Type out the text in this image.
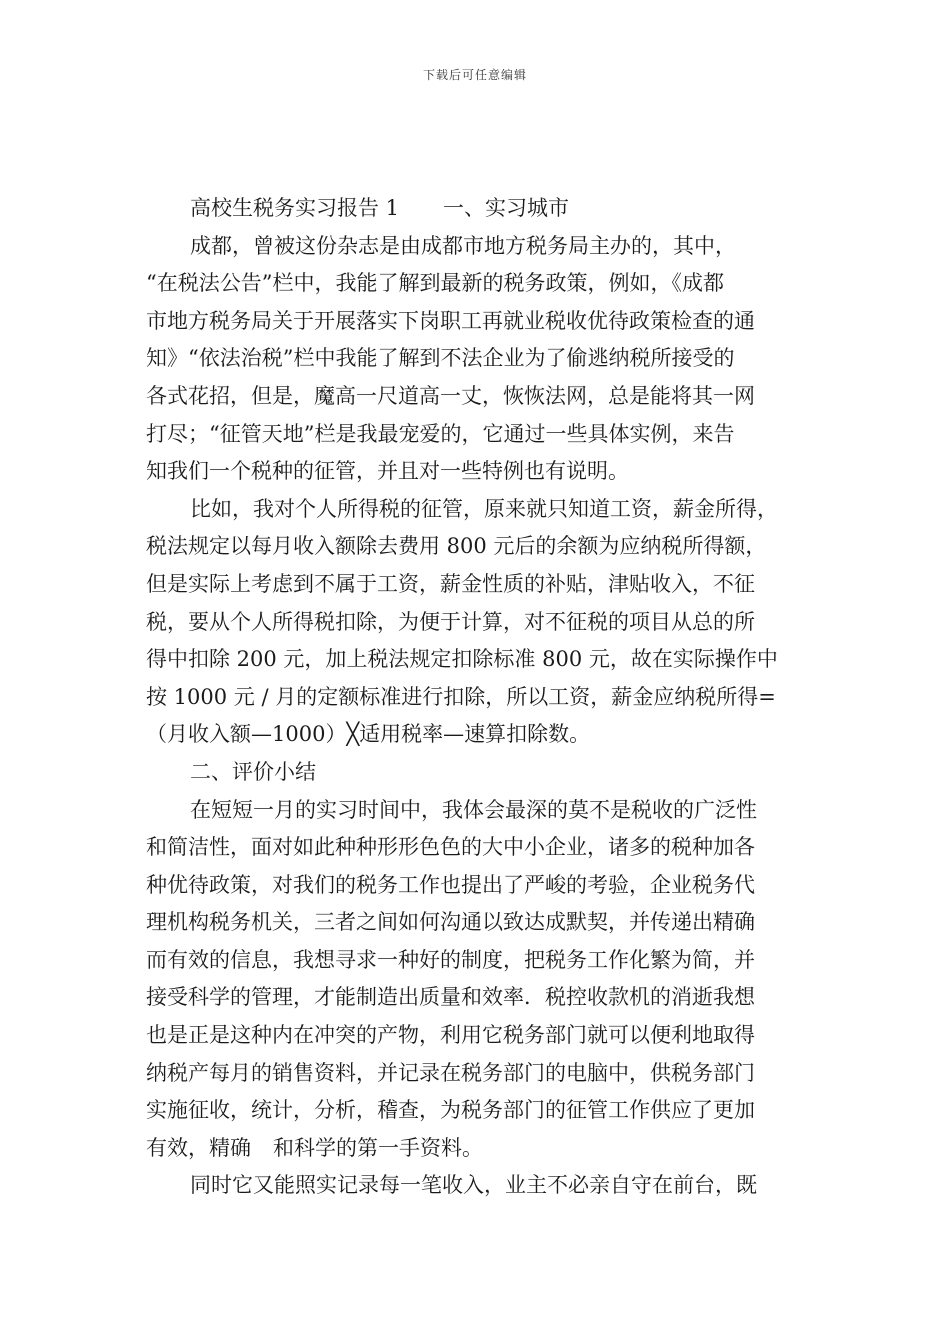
下载后可任意编辑
高校生税务实习报告 1 一、实习城市
成都，曾被这份杂志是由成都市地方税务局主办的，其中，
“在税法公告”栏中，我能了解到最新的税务政策，例如，《成都
市地方税务局关于开展落实下岗职工再就业税收优待政策检查的通
知》“依法治税”栏中我能了解到不法企业为了偷逃纳税所接受的
各式花招，但是，魔高一尺道高一丈，恢恢法网，总是能将其一网
打尽；“征管天地”栏是我最宠爱的，它通过一些具体实例，来告
知我们一个税种的征管，并且对一些特例也有说明。
比如，我对个人所得税的征管，原来就只知道工资，薪金所得，
税法规定以每月收入额除去费用 800 元后的余额为应纳税所得额，
但是实际上考虑到不属于工资，薪金性质的补贴，津贴收入，不征
税，要从个人所得税扣除，为便于计算，对不征税的项目从总的所
得中扣除 200 元，加上税法规定扣除标准 800 元，故在实际操作中
按 1000 元 / 月的定额标准进行扣除，所以工资，薪金应纳税所得=
（月收入额—1000）╳适用税率—速算扣除数。
二、评价小结
在短短一月的实习时间中，我体会最深的莫不是税收的广泛性
和简洁性，面对如此种种形形色色的大中小企业，诸多的税种加各
种优待政策，对我们的税务工作也提出了严峻的考验，企业税务代
理机构税务机关，三者之间如何沟通以致达成默契，并传递出精确
而有效的信息，我想寻求一种好的制度，把税务工作化繁为简，并
接受科学的管理，才能制造出质量和效率．税控收款机的消逝我想
也是正是这种内在冲突的产物，利用它税务部门就可以便利地取得
纳税产每月的销售资料，并记录在税务部门的电脑中，供税务部门
实施征收，统计，分析，稽查，为税务部门的征管工作供应了更加
有效，精确 和科学的第一手资料。
同时它又能照实记录每一笔收入，业主不必亲自守在前台，既
